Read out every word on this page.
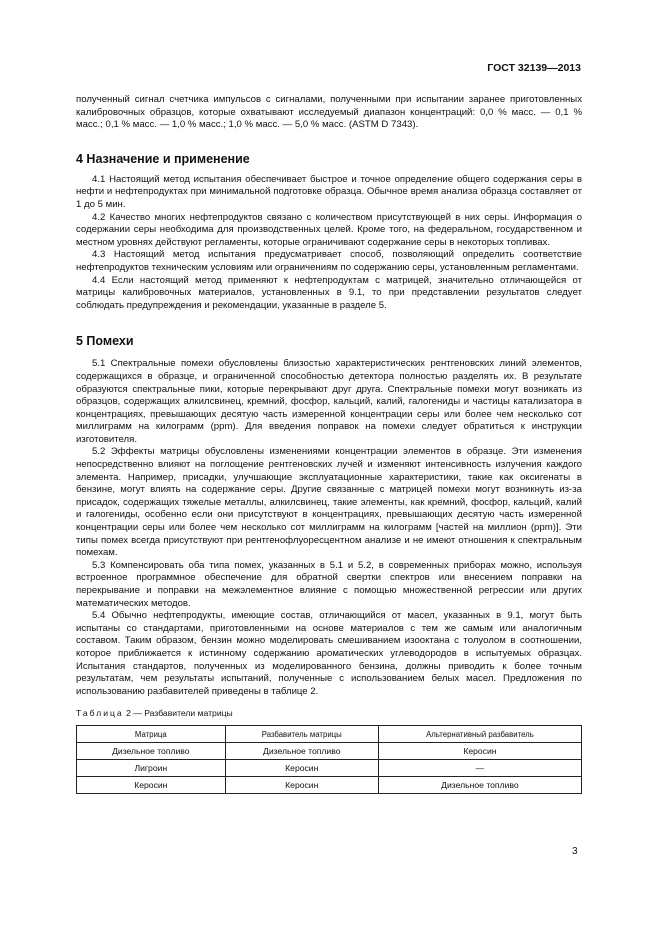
ГОСТ 32139—2013

полученный сигнал счетчика импульсов с сигналами, полученными при испытании заранее приготовленных калибровочных образцов, которые охватывают исследуемый диапазон концентраций: 0,0 % масс. — 0,1 % масс.; 0,1 % масс. — 1,0 % масс.; 1,0 % масс. — 5,0 % масс. (ASTM D 7343).

4 Назначение и применение

4.1 Настоящий метод испытания обеспечивает быстрое и точное определение общего содержания серы в нефти и нефтепродуктах при минимальной подготовке образца. Обычное время анализа образца составляет от 1 до 5 мин.

4.2 Качество многих нефтепродуктов связано с количеством присутствующей в них серы. Информация о содержании серы необходима для производственных целей. Кроме того, на федеральном, государственном и местном уровнях действуют регламенты, которые ограничивают содержание серы в некоторых топливах.

4.3 Настоящий метод испытания предусматривает способ, позволяющий определить соответствие нефтепродуктов техническим условиям или ограничениям по содержанию серы, установленным регламентами.

4.4 Если настоящий метод применяют к нефтепродуктам с матрицей, значительно отличающейся от матрицы калибровочных материалов, установленных в 9.1, то при представлении результатов следует соблюдать предупреждения и рекомендации, указанные в разделе 5.

5 Помехи

5.1 Спектральные помехи обусловлены близостью характеристических рентгеновских линий элементов, содержащихся в образце, и ограниченной способностью детектора полностью разделять их. В результате образуются спектральные пики, которые перекрывают друг друга. Спектральные помехи могут возникать из образцов, содержащих алкилсвинец, кремний, фосфор, кальций, калий, галогениды и частицы катализатора в концентрациях, превышающих десятую часть измеренной концентрации серы или более чем несколько сот миллиграмм на килограмм (ppm). Для введения поправок на помехи следует обратиться к инструкции изготовителя.

5.2 Эффекты матрицы обусловлены изменениями концентрации элементов в образце. Эти изменения непосредственно влияют на поглощение рентгеновских лучей и изменяют интенсивность излучения каждого элемента. Например, присадки, улучшающие эксплуатационные характеристики, такие как оксигенаты в бензине, могут влиять на содержание серы. Другие связанные с матрицей помехи могут возникнуть из-за присадок, содержащих тяжелые металлы, алкилсвинец, такие элементы, как кремний, фосфор, кальций, калий и галогениды, особенно если они присутствуют в концентрациях, превышающих десятую часть измеренной концентрации серы или более чем несколько сот миллиграмм на килограмм [частей на миллион (ppm)]. Эти типы помех всегда присутствуют при рентгенофлуоресцентном анализе и не имеют отношения к спектральным помехам.

5.3 Компенсировать оба типа помех, указанных в 5.1 и 5.2, в современных приборах можно, используя встроенное программное обеспечение для обратной свертки спектров или внесением поправки на перекрывание и поправки на межэлементное влияние с помощью множественной регрессии или других математических методов.

5.4 Обычно нефтепродукты, имеющие состав, отличающийся от масел, указанных в 9.1, могут быть испытаны со стандартами, приготовленными на основе материалов с тем же самым или аналогичным составом. Таким образом, бензин можно моделировать смешиванием изооктана с толуолом в соотношении, которое приближается к истинному содержанию ароматических углеводородов в испытуемых образцах. Испытания стандартов, полученных из моделированного бензина, должны приводить к более точным результатам, чем результаты испытаний, полученные с использованием белых масел. Предложения по использованию разбавителей приведены в таблице 2.

Таблица 2 — Разбавители матрицы
Матрица	Разбавитель матрицы	Альтернативный разбавитель
Дизельное топливо	Дизельное топливо	Керосин
Лигроин	Керосин	—
Керосин	Керосин	Дизельное топливо
3
